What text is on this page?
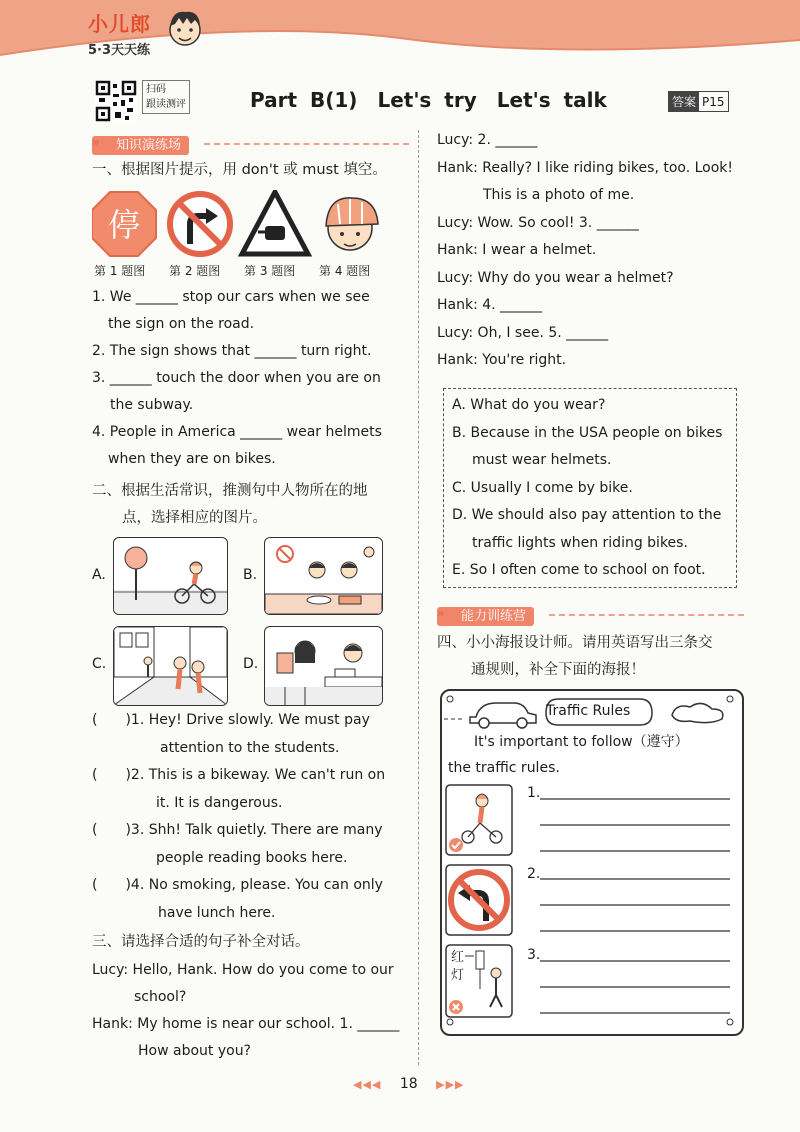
小儿郎
5·3天天练
扫码
跟读测评	Part B(1)　Let's try　Let's talk	答案 P15
» 知识演练场
一、根据图片提示，用 don't 或 must 填空。
停
第 1 题图 第 2 题图 第 3 题图 第 4 题图
1. We ______ stop our cars when we see
the sign on the road.
2. The sign shows that ______ turn right.
3. ______ touch the door when you are on
the subway.
4. People in America ______ wear helmets
when they are on bikes.
二、根据生活常识，推测句中人物所在的地
点，选择相应的图片。
A.	B.
C.	D.
(　　)1. Hey! Drive slowly. We must pay
attention to the students.
(　　)2. This is a bikeway. We can't run on
it. It is dangerous.
(　　)3. Shh! Talk quietly. There are many
people reading books here.
(　　)4. No smoking, please. You can only
have lunch here.
三、请选择合适的句子补全对话。
Lucy: Hello, Hank. How do you come to our
school?
Hank: My home is near our school. 1. ______
How about you?
Lucy: 2. ______
Hank: Really? I like riding bikes, too. Look!
This is a photo of me.
Lucy: Wow. So cool! 3. ______
Hank: I wear a helmet.
Lucy: Why do you wear a helmet?
Hank: 4. ______
Lucy: Oh, I see. 5. ______
Hank: You're right.
A. What do you wear?
B. Because in the USA people on bikes
must wear helmets.
C. Usually I come by bike.
D. We should also pay attention to the
traffic lights when riding bikes.
E. So I often come to school on foot.
» 能力训练营
四、小小海报设计师。请用英语写出三条交
通规则，补全下面的海报！
红
灯
Traffic Rules
It's important to follow（遵守）
the traffic rules.
1.
2.
3.
◀◀◀ 18 ▶▶▶
